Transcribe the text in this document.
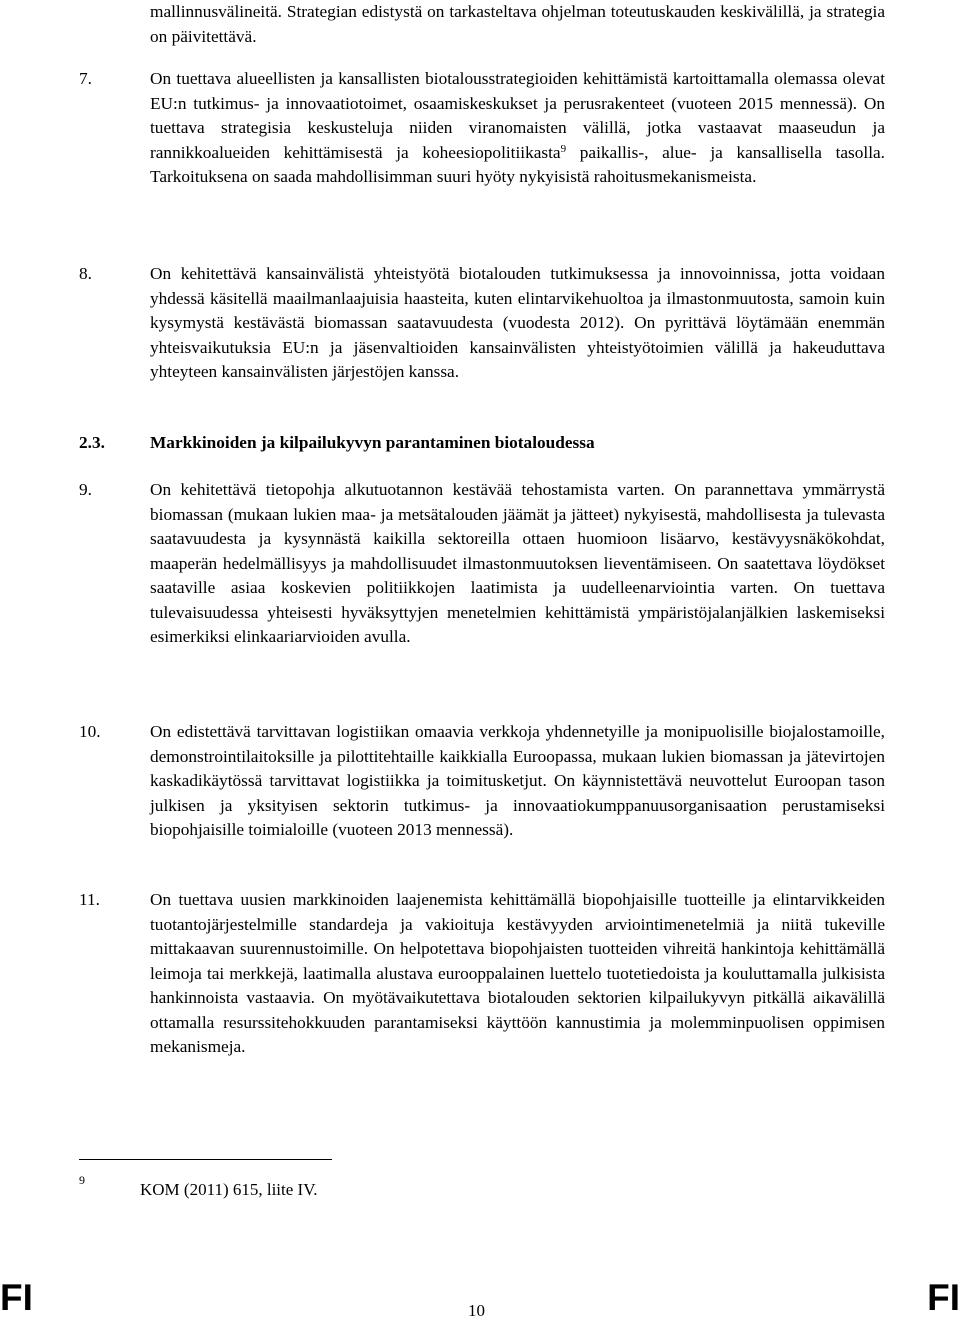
mallinnusvälineitä. Strategian edistystä on tarkasteltava ohjelman toteutuskauden keskivälillä, ja strategia on päivitettävä.

7.	On tuettava alueellisten ja kansallisten biotalousstrategioiden kehittämistä kartoittamalla olemassa olevat EU:n tutkimus- ja innovaatiotoimet, osaamiskeskukset ja perusrakenteet (vuoteen 2015 mennessä). On tuettava strategisia keskusteluja niiden viranomaisten välillä, jotka vastaavat maaseudun ja rannikkoalueiden kehittämisestä ja koheesiopolitiikasta$^9$ paikallis-, alue- ja kansallisella tasolla. Tarkoituksena on saada mahdollisimman suuri hyöty nykyisistä rahoitusmekanismeista.

8.	On kehitettävä kansainvälistä yhteistyötä biotalouden tutkimuksessa ja innovoinnissa, jotta voidaan yhdessä käsitellä maailmanlaajuisia haasteita, kuten elintarvikehuoltoa ja ilmastonmuutosta, samoin kuin kysymystä kestävästä biomassan saatavuudesta (vuodesta 2012). On pyrittävä löytämään enemmän yhteisvaikutuksia EU:n ja jäsenvaltioiden kansainvälisten yhteistyötoimien välillä ja hakeuduttava yhteyteen kansainvälisten järjestöjen kanssa.

2.3.	Markkinoiden ja kilpailukyvyn parantaminen biotaloudessa

9.	On kehitettävä tietopohja alkutuotannon kestävää tehostamista varten. On parannettava ymmärrystä biomassan (mukaan lukien maa- ja metsätalouden jäämät ja jätteet) nykyisestä, mahdollisesta ja tulevasta saatavuudesta ja kysynnästä kaikilla sektoreilla ottaen huomioon lisäarvo, kestävyysnäkökohdat, maaperän hedelmällisyys ja mahdollisuudet ilmastonmuutoksen lieventämiseen. On saatettava löydökset saataville asiaa koskevien politiikkojen laatimista ja uudelleenarviointia varten. On tuettava tulevaisuudessa yhteisesti hyväksyttyjen menetelmien kehittämistä ympäristöjalanjälkien laskemiseksi esimerkiksi elinkaariarvioiden avulla.

10.	On edistettävä tarvittavan logistiikan omaavia verkkoja yhdennetyille ja monipuolisille biojalostamoille, demonstrointilaitoksille ja pilottitehtaille kaikkialla Euroopassa, mukaan lukien biomassan ja jätevirtojen kaskadikäytössä tarvittavat logistiikka ja toimitusketjut. On käynnistettävä neuvottelut Euroopan tason julkisen ja yksityisen sektorin tutkimus- ja innovaatiokumppanuusorganisaation perustamiseksi biopohjaisille toimialoille (vuoteen 2013 mennessä).

11.	On tuettava uusien markkinoiden laajenemista kehittämällä biopohjaisille tuotteille ja elintarvikkeiden tuotantojärjestelmille standardeja ja vakioituja kestävyyden arviointimenetelmiä ja niitä tukeville mittakaavan suurennustoimille. On helpotettava biopohjaisten tuotteiden vihreitä hankintoja kehittämällä leimoja tai merkkejä, laatimalla alustava eurooppalainen luettelo tuotetiedoista ja kouluttamalla julkisista hankinnoista vastaavia. On myötävaikutettava biotalouden sektorien kilpailukyvyn pitkällä aikavälillä ottamalla resurssitehokkuuden parantamiseksi käyttöön kannustimia ja molemminpuolisen oppimisen mekanismeja.

9	KOM (2011) 615, liite IV.
FI	10	FI
